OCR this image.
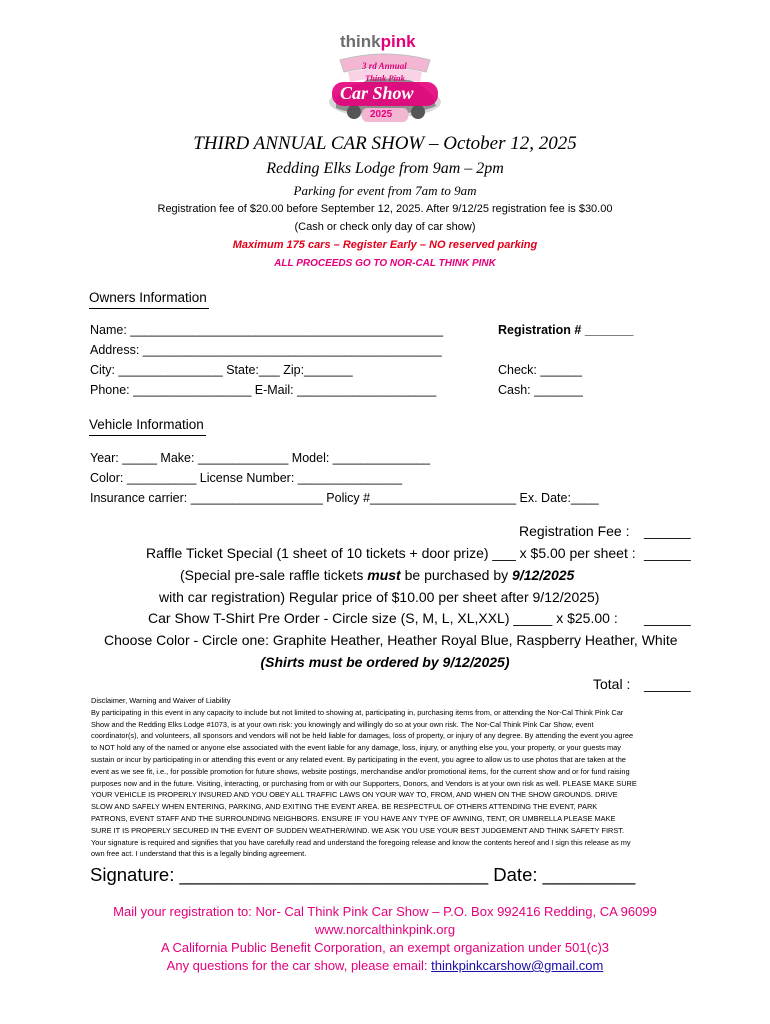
thinkpink
3 rd Annual
Think Pink
Car Show
2025
THIRD ANNUAL CAR SHOW – October 12, 2025
Redding Elks Lodge from 9am – 2pm
Parking for event from 7am to 9am
Registration fee of $20.00 before September 12, 2025. After 9/12/25 registration fee is $30.00
(Cash or check only day of car show)
Maximum 175 cars – Register Early – NO reserved parking
ALL PROCEEDS GO TO NOR-CAL THINK PINK
Owners Information
Name: _____________________________________________
Address: ___________________________________________
City: _______________ State:___ Zip:_______
Phone: _________________ E-Mail: ____________________
Registration # _______
Check: ______
Cash: _______
Vehicle Information
Year: _____ Make: _____________ Model: ______________
Color: __________ License Number: _______________
Insurance carrier: ___________________ Policy #_____________________ Ex. Date:____
Registration Fee : ______
Raffle Ticket Special (1 sheet of 10 tickets + door prize) ___ x $5.00 per sheet : ______
(Special pre-sale raffle tickets must be purchased by 9/12/2025
with car registration) Regular price of $10.00 per sheet after 9/12/2025)
Car Show T-Shirt Pre Order - Circle size (S, M, L, XL,XXL) _____ x $25.00 : ______
Choose Color - Circle one: Graphite Heather, Heather Royal Blue, Raspberry Heather, White
(Shirts must be ordered by 9/12/2025)
Total : ______
Disclaimer, Warning and Waiver of Liability
By participating in this event in any capacity to include but not limited to showing at, participating in, purchasing items from, or attending the Nor-Cal Think Pink Car
Show and the Redding Elks Lodge #1073, is at your own risk: you knowingly and willingly do so at your own risk. The Nor-Cal Think Pink Car Show, event
coordinator(s), and volunteers, all sponsors and vendors will not be held liable for damages, loss of property, or injury of any degree. By attending the event you agree
to NOT hold any of the named or anyone else associated with the event liable for any damage, loss, injury, or anything else you, your property, or your guests may
sustain or incur by participating in or attending this event or any related event. By participating in the event, you agree to allow us to use photos that are taken at the
event as we see fit, i.e., for possible promotion for future shows, website postings, merchandise and/or promotional items, for the current show and or for fund raising
purposes now and in the future. Visiting, interacting, or purchasing from or with our Supporters, Donors, and Vendors is at your own risk as well. PLEASE MAKE SURE
YOUR VEHICLE IS PROPERLY INSURED AND YOU OBEY ALL TRAFFIC LAWS ON YOUR WAY TO, FROM, AND WHEN ON THE SHOW GROUNDS. DRIVE
SLOW AND SAFELY WHEN ENTERING, PARKING, AND EXITING THE EVENT AREA. BE RESPECTFUL OF OTHERS ATTENDING THE EVENT, PARK
PATRONS, EVENT STAFF AND THE SURROUNDING NEIGHBORS. ENSURE IF YOU HAVE ANY TYPE OF AWNING, TENT, OR UMBRELLA PLEASE MAKE
SURE IT IS PROPERLY SECURED IN THE EVENT OF SUDDEN WEATHER/WIND. WE ASK YOU USE YOUR BEST JUDGEMENT AND THINK SAFETY FIRST.
Your signature is required and signifies that you have carefully read and understand the foregoing release and know the contents hereof and I sign this release as my
own free act. I understand that this is a legally binding agreement.
Signature: ______________________________ Date: _________
Mail your registration to: Nor- Cal Think Pink Car Show – P.O. Box 992416 Redding, CA 96099
www.norcalthinkpink.org
A California Public Benefit Corporation, an exempt organization under 501(c)3
Any questions for the car show, please email: thinkpinkcarshow@gmail.com
